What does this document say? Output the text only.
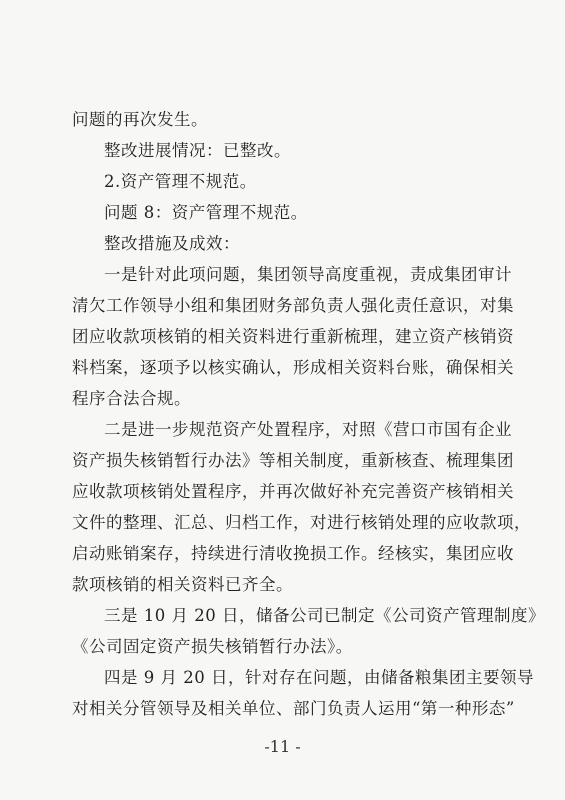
问题的再次发生。
整改进展情况：已整改。
2.资产管理不规范。
问题 8：资产管理不规范。
整改措施及成效：
一是针对此项问题，集团领导高度重视，责成集团审计
清欠工作领导小组和集团财务部负责人强化责任意识，对集
团应收款项核销的相关资料进行重新梳理，建立资产核销资
料档案，逐项予以核实确认，形成相关资料台账，确保相关
程序合法合规。
二是进一步规范资产处置程序，对照《营口市国有企业
资产损失核销暂行办法》等相关制度，重新核查、梳理集团
应收款项核销处置程序，并再次做好补充完善资产核销相关
文件的整理、汇总、归档工作，对进行核销处理的应收款项，
启动账销案存，持续进行清收挽损工作。经核实，集团应收
款项核销的相关资料已齐全。
三是 10 月 20 日，储备公司已制定《公司资产管理制度》
《公司固定资产损失核销暂行办法》。
四是 9 月 20 日，针对存在问题，由储备粮集团主要领导
对相关分管领导及相关单位、部门负责人运用“第一种形态”
-11 -
